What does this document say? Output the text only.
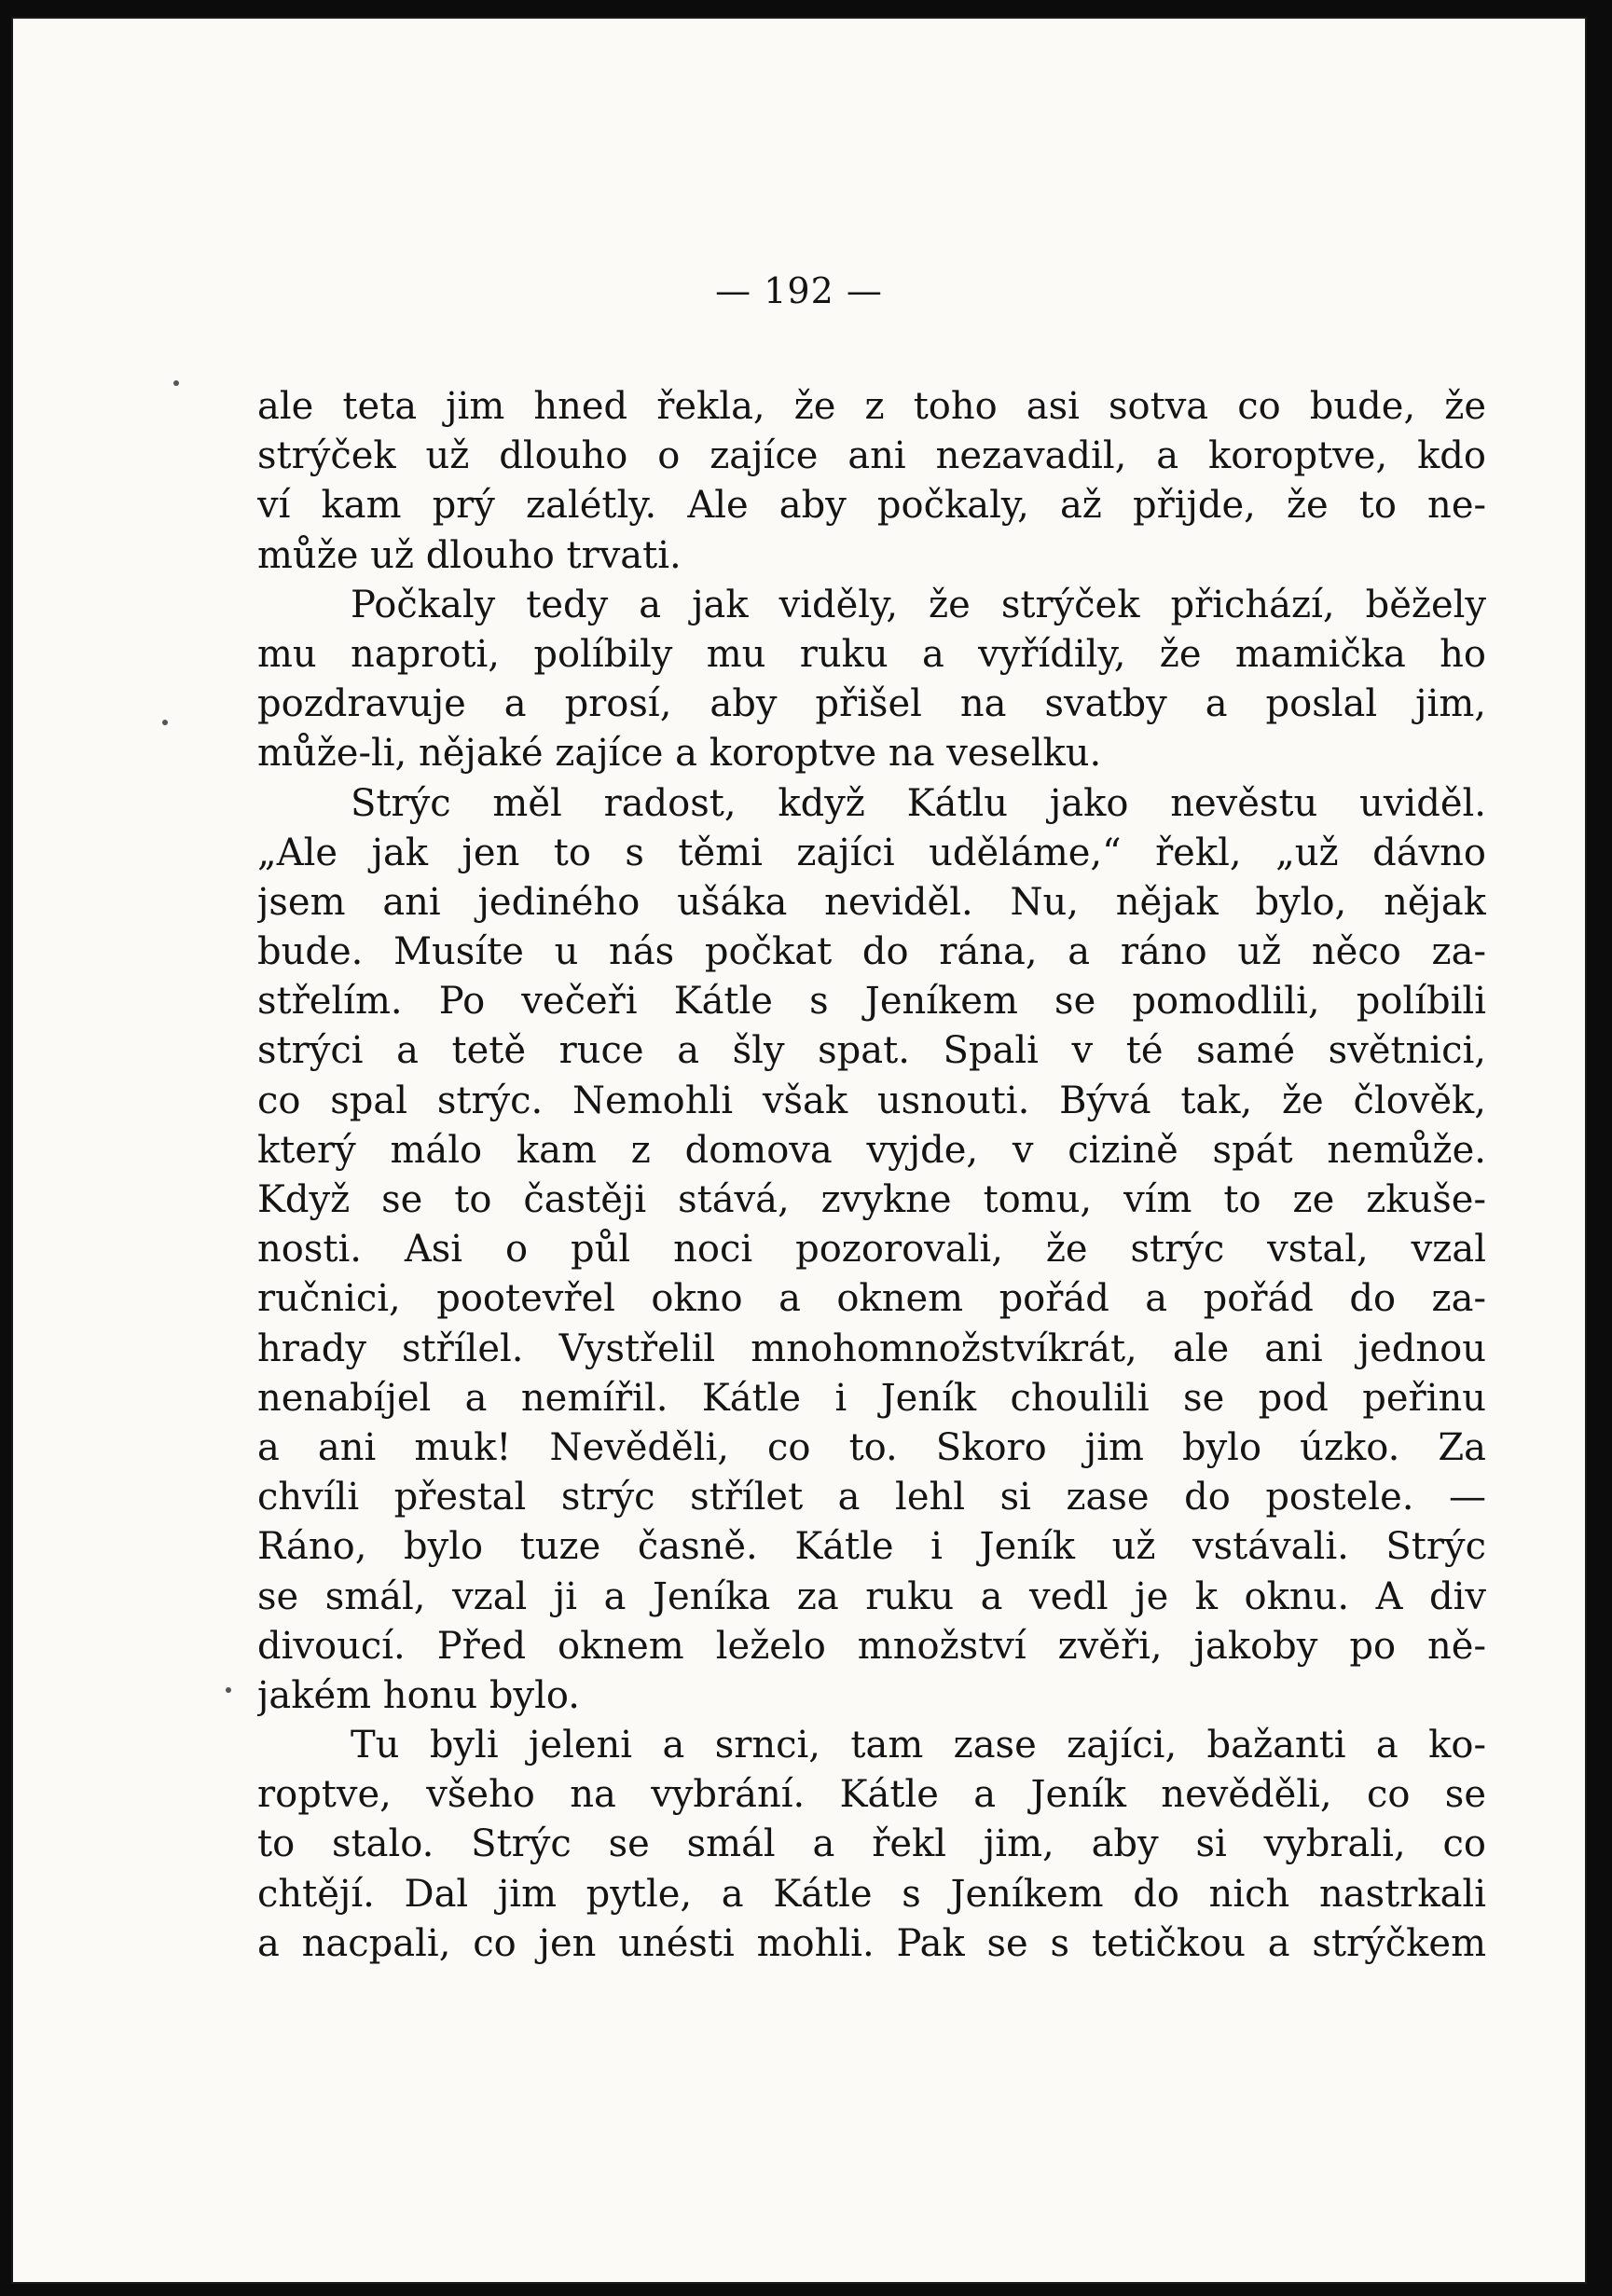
— 192 —
ale teta jim hned řekla, že z toho asi sotva co bude, že
strýček už dlouho o zajíce ani nezavadil, a koroptve, kdo
ví kam prý zalétly. Ale aby počkaly, až přijde, že to ne-
může už dlouho trvati.
Počkaly tedy a jak viděly, že strýček přichází, běžely
mu naproti, políbily mu ruku a vyřídily, že mamička ho
pozdravuje a prosí, aby přišel na svatby a poslal jim,
může-li, nějaké zajíce a koroptve na veselku.
Strýc měl radost, když Kátlu jako nevěstu uviděl.
„Ale jak jen to s těmi zajíci uděláme,“ řekl, „už dávno
jsem ani jediného ušáka neviděl. Nu, nějak bylo, nějak
bude. Musíte u nás počkat do rána, a ráno už něco za-
střelím. Po večeři Kátle s Jeníkem se pomodlili, políbili
strýci a tetě ruce a šly spat. Spali v té samé světnici,
co spal strýc. Nemohli však usnouti. Bývá tak, že člověk,
který málo kam z domova vyjde, v cizině spát nemůže.
Když se to častěji stává, zvykne tomu, vím to ze zkuše-
nosti. Asi o půl noci pozorovali, že strýc vstal, vzal
ručnici, pootevřel okno a oknem pořád a pořád do za-
hrady střílel. Vystřelil mnohomnožstvíkrát, ale ani jednou
nenabíjel a nemířil. Kátle i Jeník choulili se pod peřinu
a ani muk! Nevěděli, co to. Skoro jim bylo úzko. Za
chvíli přestal strýc střílet a lehl si zase do postele. —
Ráno, bylo tuze časně. Kátle i Jeník už vstávali. Strýc
se smál, vzal ji a Jeníka za ruku a vedl je k oknu. A div
divoucí. Před oknem leželo množství zvěři, jakoby po ně-
jakém honu bylo.
Tu byli jeleni a srnci, tam zase zajíci, bažanti a ko-
roptve, všeho na vybrání. Kátle a Jeník nevěděli, co se
to stalo. Strýc se smál a řekl jim, aby si vybrali, co
chtějí. Dal jim pytle, a Kátle s Jeníkem do nich nastrkali
a nacpali, co jen unésti mohli. Pak se s tetičkou a strýčkem
